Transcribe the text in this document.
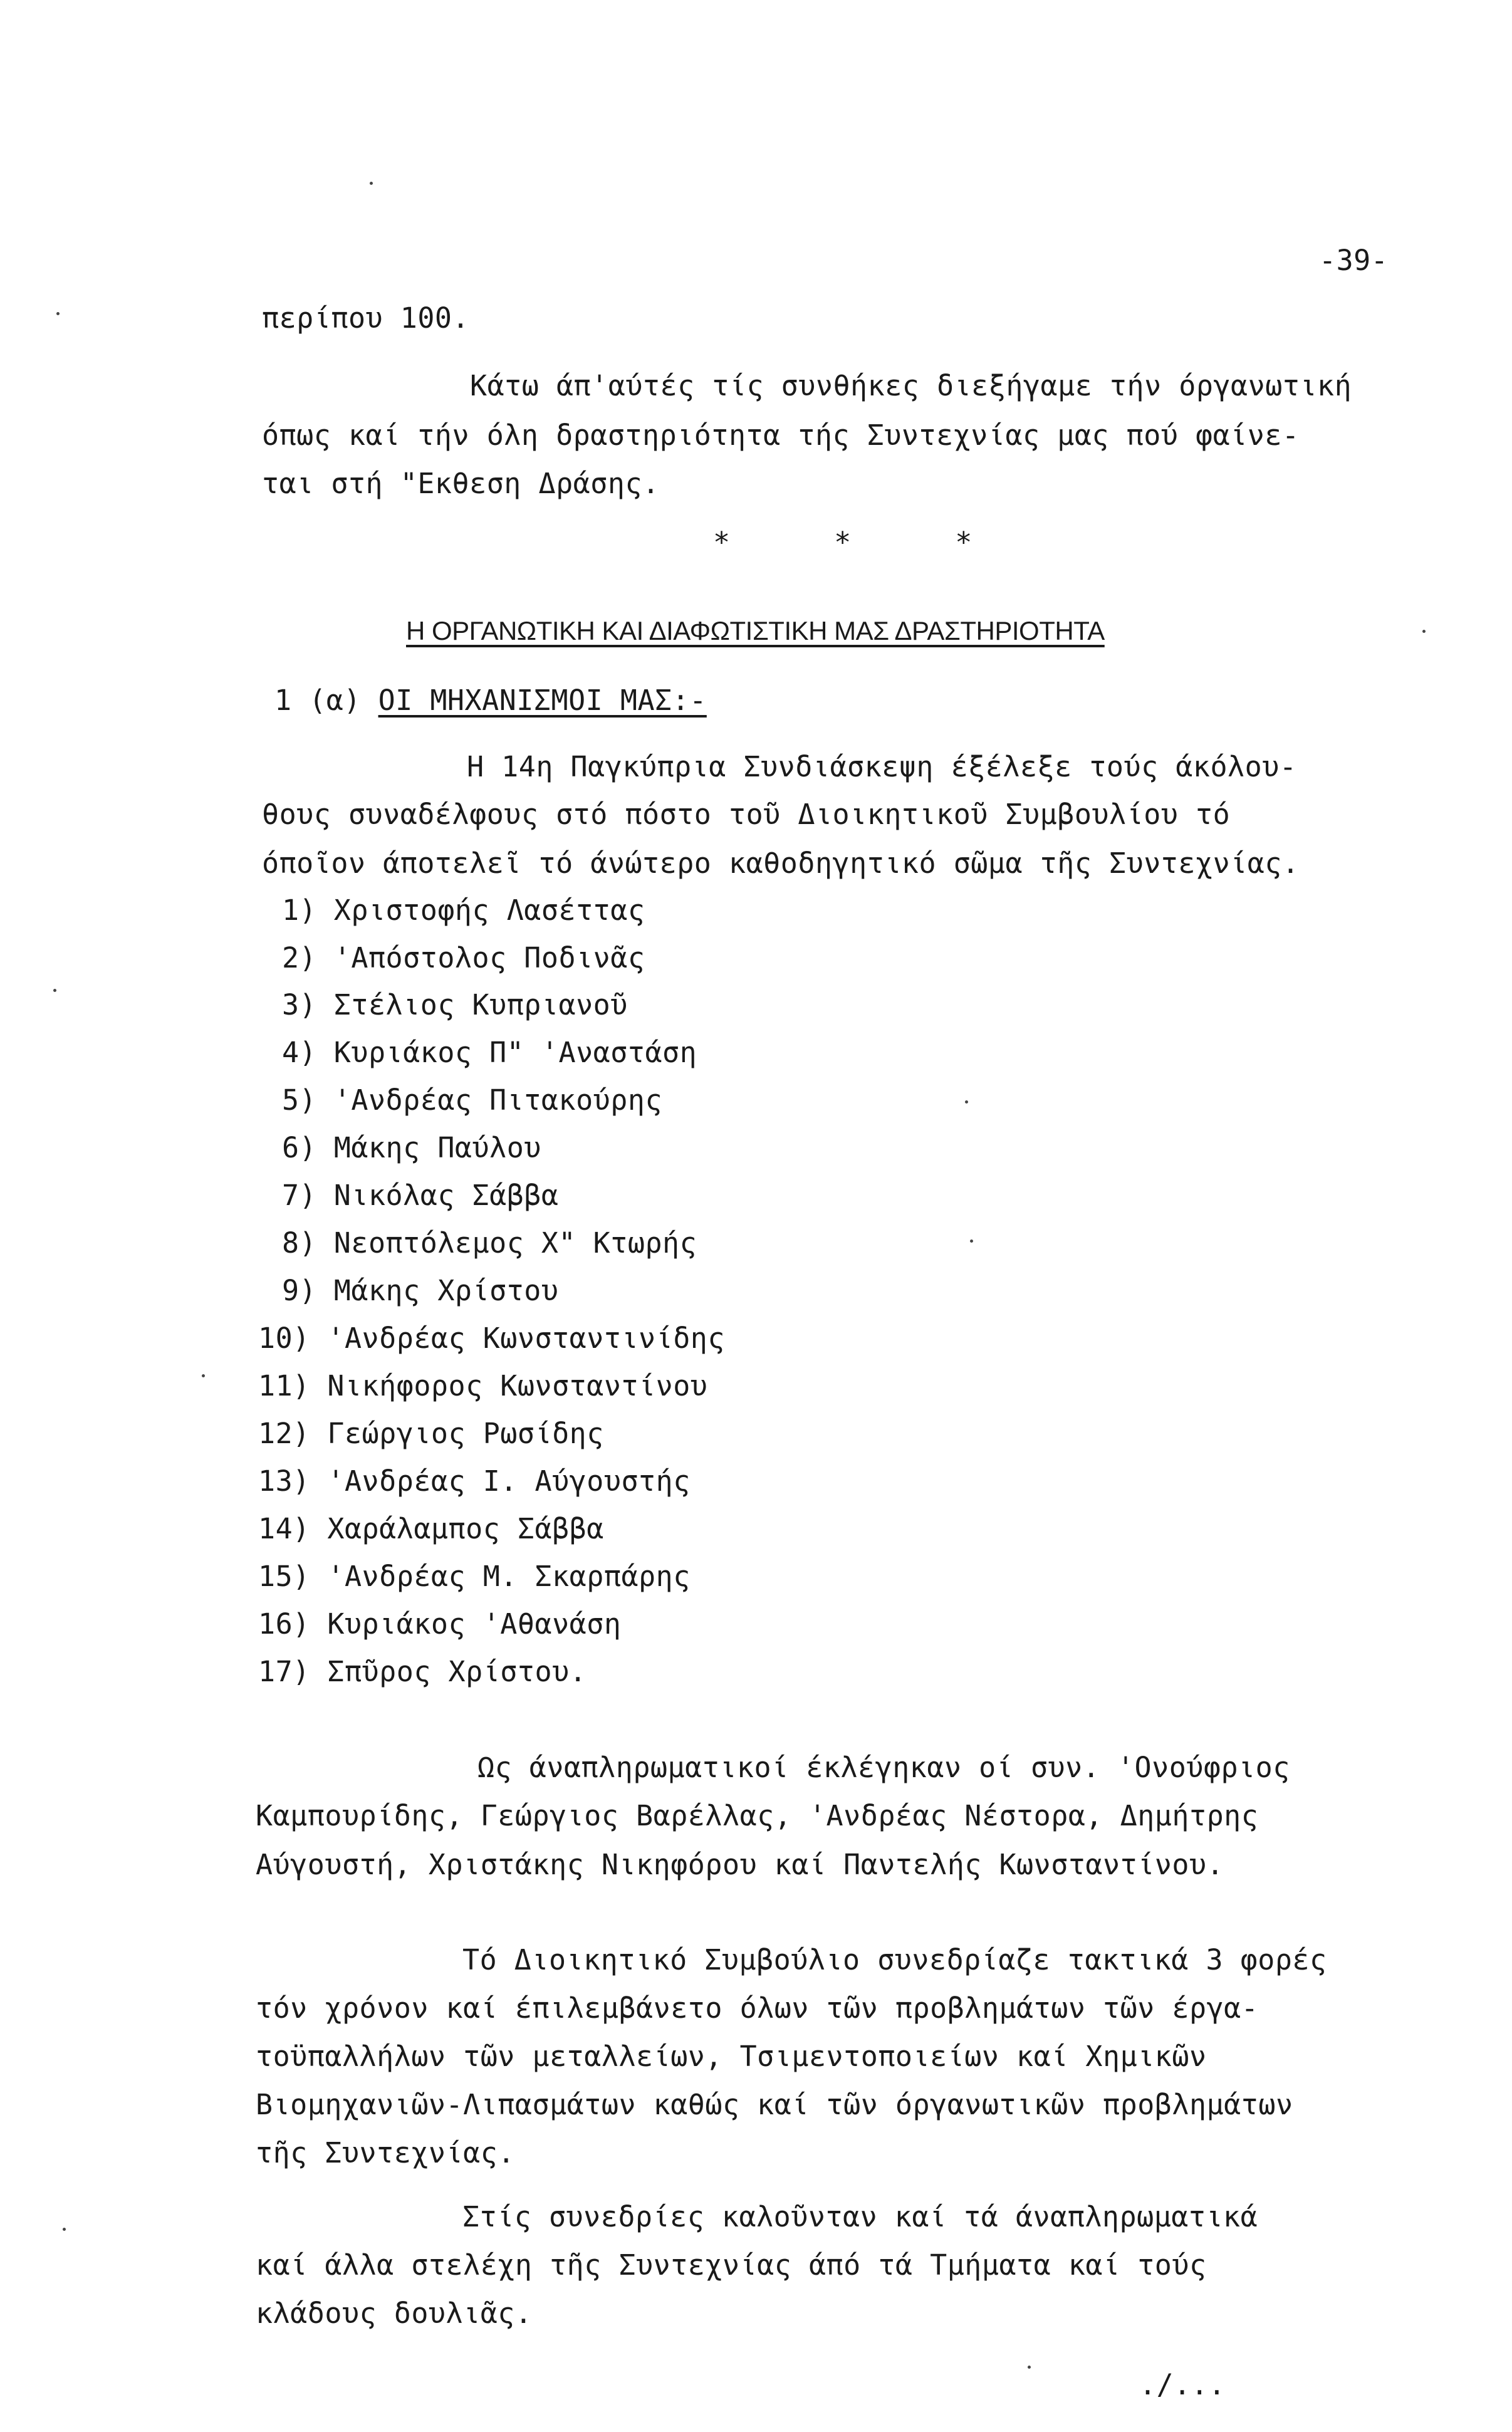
-39-
περίπου 100.
Κάτω άπ'αύτές τίς συνθήκες διεξήγαμε τήν όργανωτική
όπως καί τήν όλη δραστηριότητα τής Συντεχνίας μας πού φαίνε-
ται στή "Εκθεση Δράσης.
*      *      *
Η ΟΡΓΑΝΩΤΙΚΗ ΚΑΙ ΔΙΑΦΩΤΙΣΤΙΚΗ ΜΑΣ ΔΡΑΣΤΗΡΙΟΤΗΤΑ
1 (α) ΟΙ ΜΗΧΑΝΙΣΜΟΙ ΜΑΣ:-
Η 14η Παγκύπρια Συνδιάσκεψη έξέλεξε τούς άκόλου-
θους συναδέλφους στό πόστο τοῦ Διοικητικοῦ Συμβουλίου τό
όποῖον άποτελεῖ τό άνώτερο καθοδηγητικό σῶμα τῆς Συντεχνίας.
1) Χριστοφής Λασέττας
2) 'Απόστολος Ποδινᾶς
3) Στέλιος Κυπριανοῦ
4) Κυριάκος Π" 'Αναστάση
5) 'Ανδρέας Πιτακούρης
6) Μάκης Παύλου
7) Νικόλας Σάββα
8) Νεοπτόλεμος Χ" Κτωρής
9) Μάκης Χρίστου
10) 'Ανδρέας Κωνσταντινίδης
11) Νικήφορος Κωνσταντίνου
12) Γεώργιος Ρωσίδης
13) 'Ανδρέας Ι. Αύγουστής
14) Χαράλαμπος Σάββα
15) 'Ανδρέας Μ. Σκαρπάρης
16) Κυριάκος 'Αθανάση
17) Σπῦρος Χρίστου.
Ως άναπληρωματικοί έκλέγηκαν οί συν. 'Ονούφριος
Καμπουρίδης, Γεώργιος Βαρέλλας, 'Ανδρέας Νέστορα, Δημήτρης
Αύγουστή, Χριστάκης Νικηφόρου καί Παντελής Κωνσταντίνου.
Τό Διοικητικό Συμβούλιο συνεδρίαζε τακτικά 3 φορές
τόν χρόνον καί έπιλεμβάνετο όλων τῶν προβλημάτων τῶν έργα-
τοϋπαλλήλων τῶν μεταλλείων, Τσιμεντοποιείων καί Χημικῶν
Βιομηχανιῶν-Λιπασμάτων καθώς καί τῶν όργανωτικῶν προβλημάτων
τῆς Συντεχνίας.
Στίς συνεδρίες καλοῦνταν καί τά άναπληρωματικά
καί άλλα στελέχη τῆς Συντεχνίας άπό τά Τμήματα καί τούς
κλάδους δουλιᾶς.
./...
